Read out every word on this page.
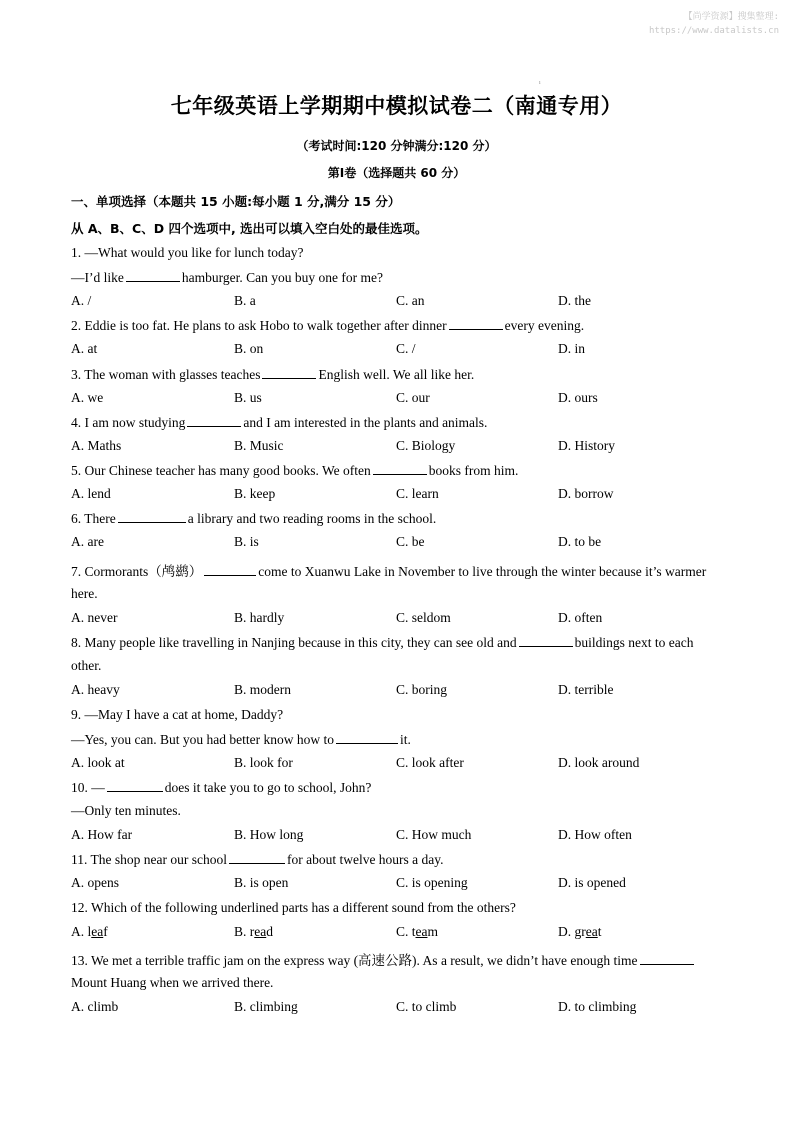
【尚学资源】搜集整理:
https://www.datalists.cn
ı
七年级英语上学期期中模拟试卷二（南通专用）
（考试时间:120 分钟满分:120 分）
第Ⅰ卷（选择题共 60 分）
一、单项选择（本题共 15 小题:每小题 1 分,满分 15 分）
从 A、B、C、D 四个选项中, 选出可以填入空白处的最佳选项。
1. —What would you like for lunch today?
—I’d like	hamburger. Can you buy one for me?
A. /	B. a	C. an	D. the
2. Eddie is too fat. He plans to ask Hobo to walk together after dinner	every evening.
A. at	B. on	C. /	D. in
3. The woman with glasses teaches	English well. We all like her.
A. we	B. us	C. our	D. ours
4. I am now studying	and I am interested in the plants and animals.
A. Maths	B. Music	C. Biology	D. History
5. Our Chinese teacher has many good books. We often	books from him.
A. lend	B. keep	C. learn	D. borrow
6. There	a library and two reading rooms in the school.
A. are	B. is	C. be	D. to be
7. Cormorants（鸬鹚）	come to Xuanwu Lake in November to live through the winter because it’s warmer
here.
A. never	B. hardly	C. seldom	D. often
8. Many people like travelling in Nanjing because in this city, they can see old and	buildings next to each
other.
A. heavy	B. modern	C. boring	D. terrible
9. —May I have a cat at home, Daddy?
—Yes, you can. But you had better know how to	it.
A. look at	B. look for	C. look after	D. look around
10. —	does it take you to go to school, John?
—Only ten minutes.
A. How far	B. How long	C. How much	D. How often
11. The shop near our school	for about twelve hours a day.
A. opens	B. is open	C. is opening	D. is opened
12. Which of the following underlined parts has a different sound from the others?
A. leaf	B. read	C. team	D. great
13. We met a terrible traffic jam on the express way (高速公路). As a result, we didn’t have enough time
Mount Huang when we arrived there.
A. climb	B. climbing	C. to climb	D. to climbing
